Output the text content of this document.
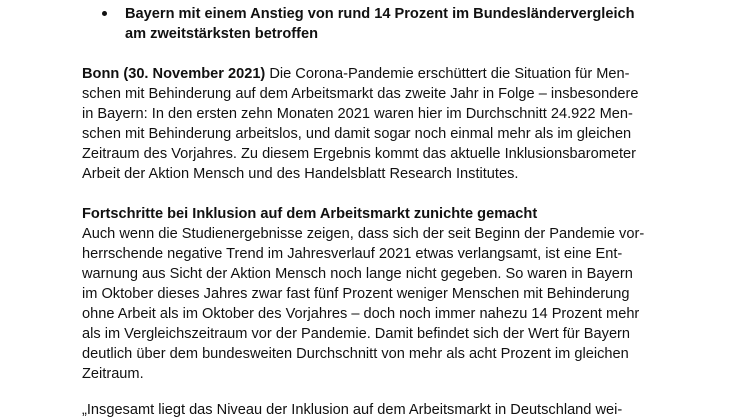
Bayern mit einem Anstieg von rund 14 Prozent im Bundesländervergleich
am zweitstärksten betroffen
Bonn (30. November 2021) Die Corona-Pandemie erschüttert die Situation für Men-
schen mit Behinderung auf dem Arbeitsmarkt das zweite Jahr in Folge – insbesondere
in Bayern: In den ersten zehn Monaten 2021 waren hier im Durchschnitt 24.922 Men-
schen mit Behinderung arbeitslos, und damit sogar noch einmal mehr als im gleichen
Zeitraum des Vorjahres. Zu diesem Ergebnis kommt das aktuelle Inklusionsbarometer
Arbeit der Aktion Mensch und des Handelsblatt Research Institutes.
Fortschritte bei Inklusion auf dem Arbeitsmarkt zunichte gemacht
Auch wenn die Studienergebnisse zeigen, dass sich der seit Beginn der Pandemie vor-
herrschende negative Trend im Jahresverlauf 2021 etwas verlangsamt, ist eine Ent-
warnung aus Sicht der Aktion Mensch noch lange nicht gegeben. So waren in Bayern
im Oktober dieses Jahres zwar fast fünf Prozent weniger Menschen mit Behinderung
ohne Arbeit als im Oktober des Vorjahres – doch noch immer nahezu 14 Prozent mehr
als im Vergleichszeitraum vor der Pandemie. Damit befindet sich der Wert für Bayern
deutlich über dem bundesweiten Durchschnitt von mehr als acht Prozent im gleichen
Zeitraum.
„Insgesamt liegt das Niveau der Inklusion auf dem Arbeitsmarkt in Deutschland wei-
